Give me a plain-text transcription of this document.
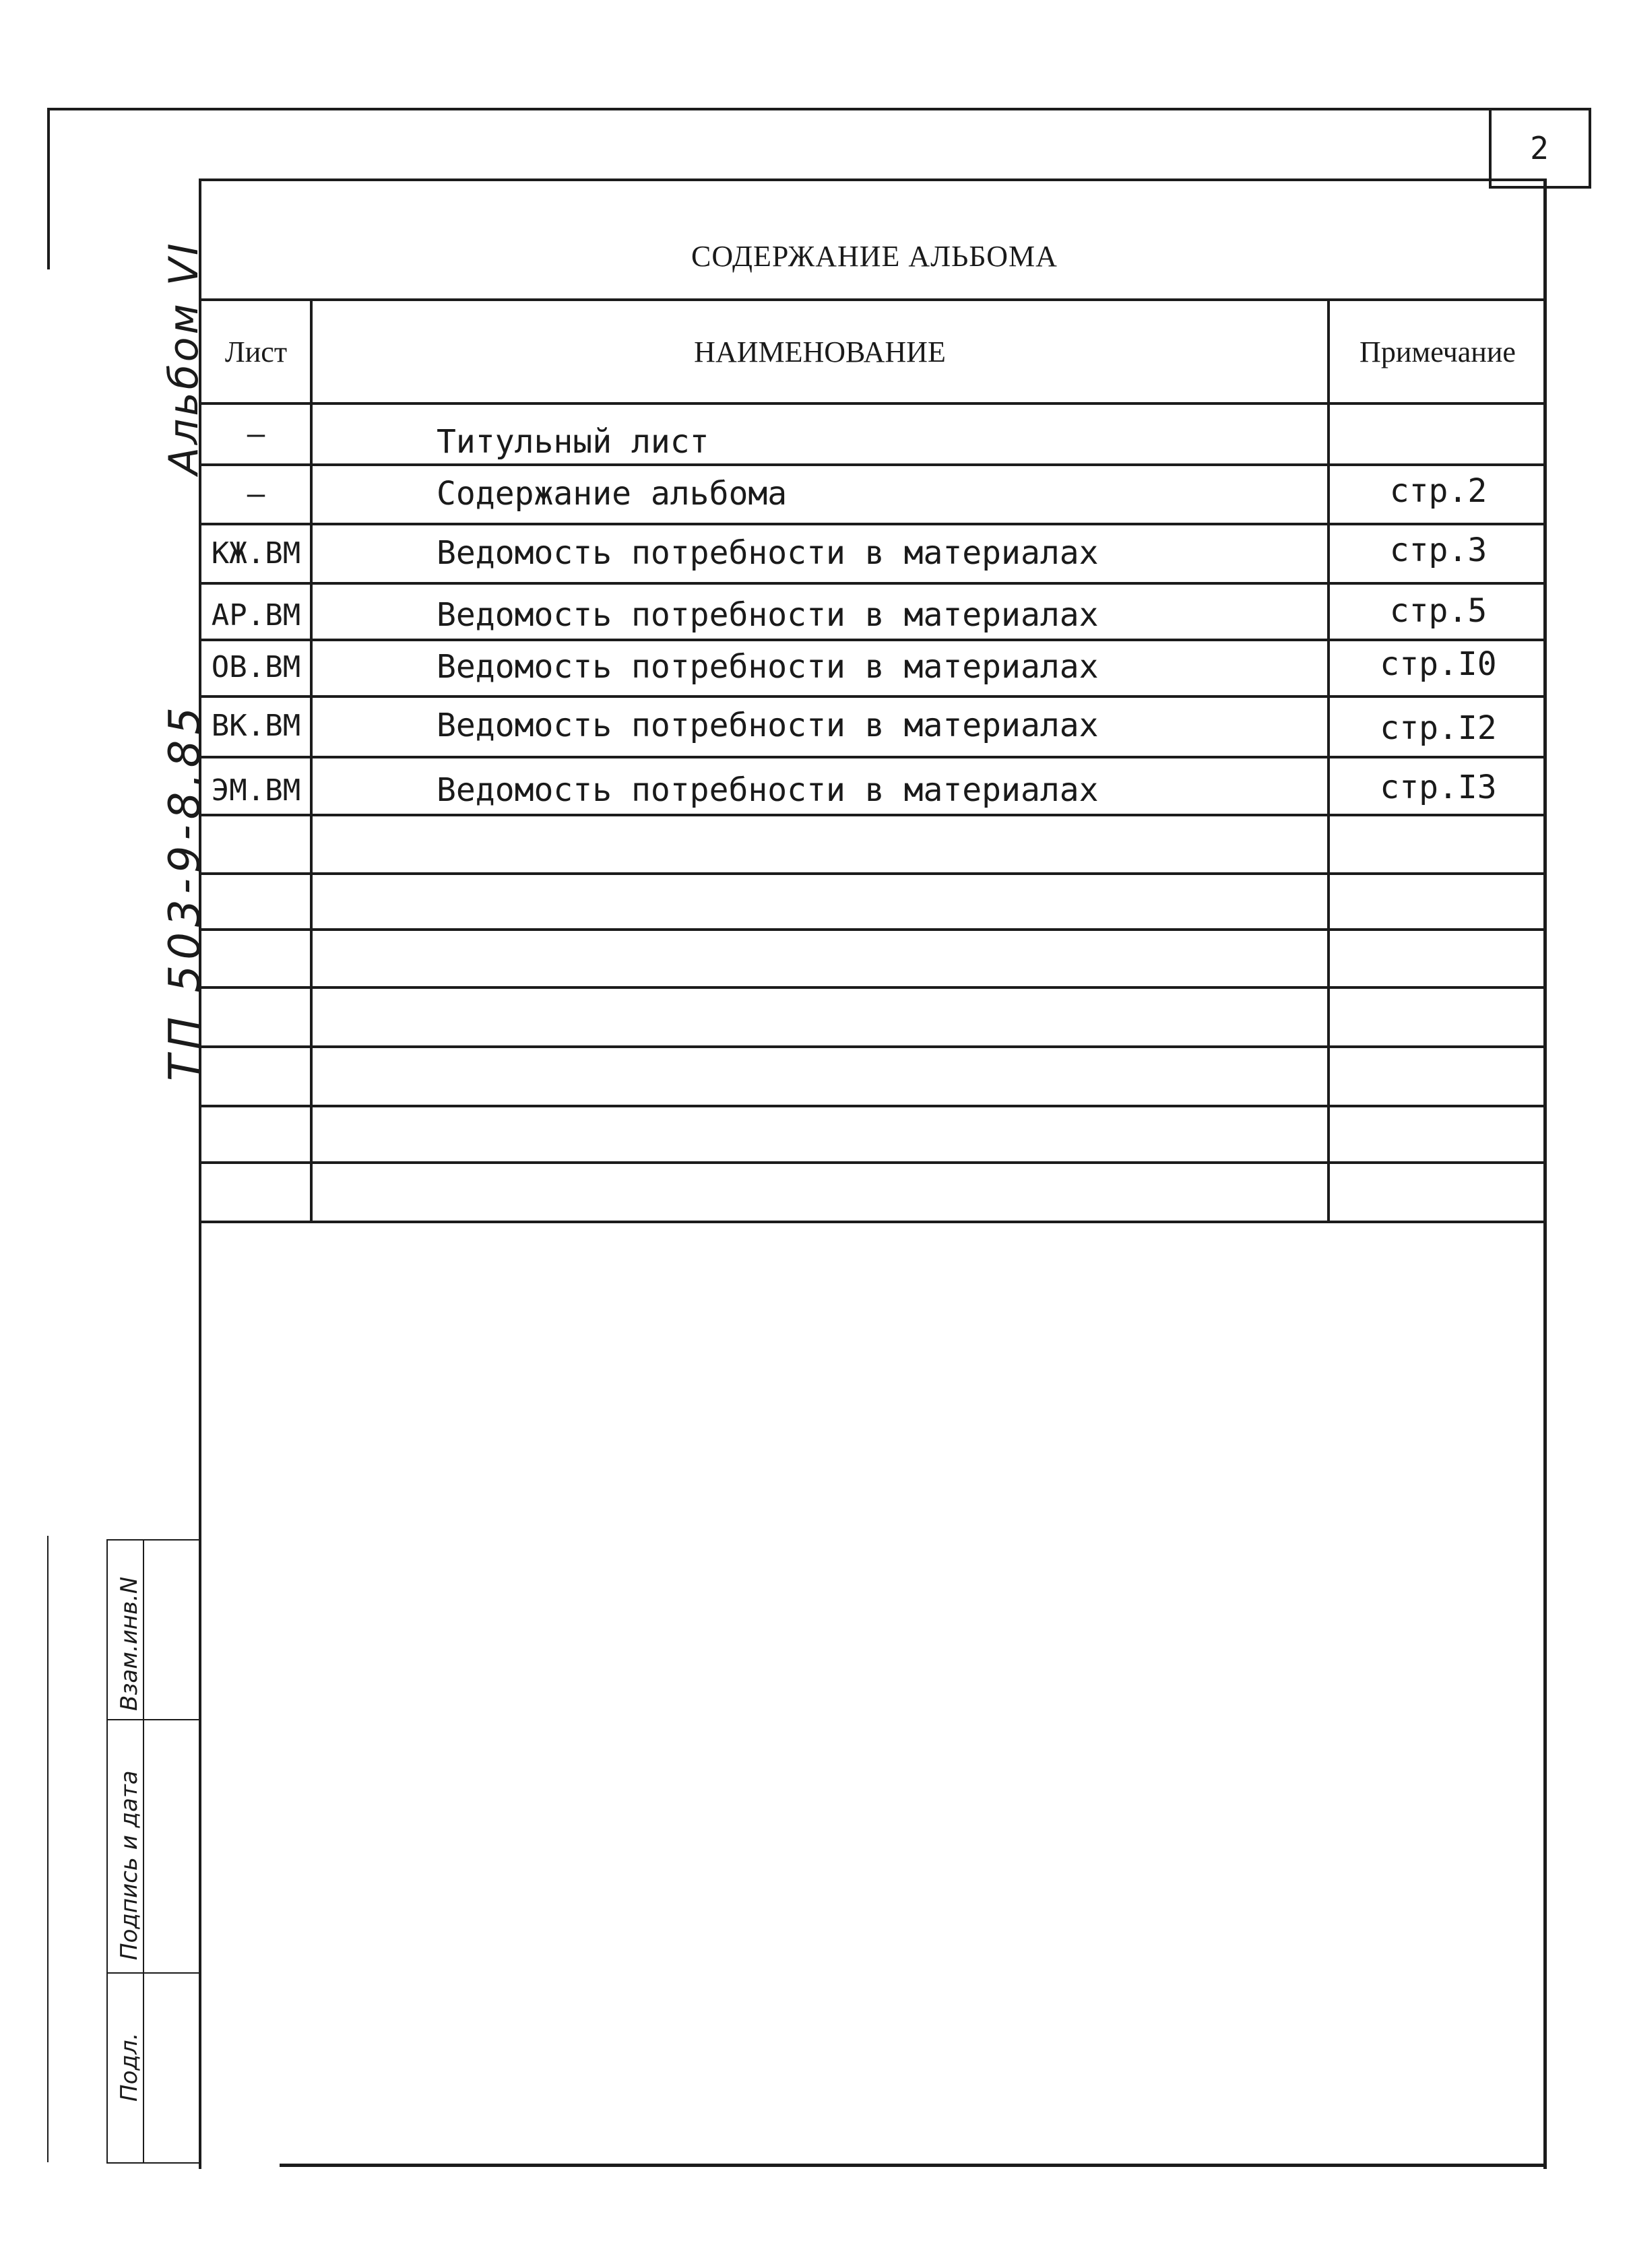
2
СОДЕРЖАНИЕ АЛЬБОМА
Лист	НАИМЕНОВАНИЕ	Примечание
–	Титульный лист
–	Содержание альбома	стр.2
КЖ.ВМ	Ведомость потребности в материалах	стр.3
АР.ВМ	Ведомость потребности в материалах	стр.5
ОВ.ВМ	Ведомость потребности в материалах	стр.I0
ВК.ВМ	Ведомость потребности в материалах	стр.I2
ЭМ.ВМ	Ведомость потребности в материалах	стр.I3
Альбом VI
ТП 503-9-8.85
Взам.инв.N
Подпись и дата
Подл.
